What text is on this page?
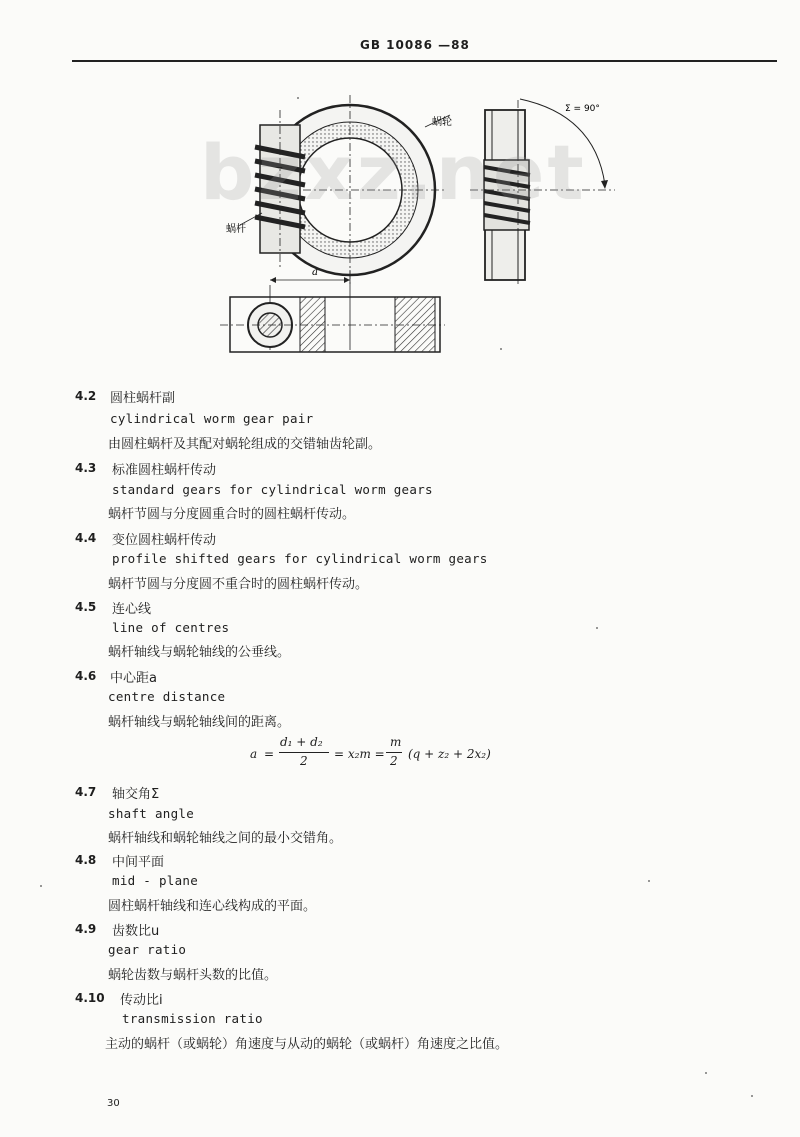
GB 10086 —88
蜗轮
蜗杆
Σ = 90°
a
bzxz.net
4.2 圆柱蜗杆副
cylindrical worm gear pair
由圆柱蜗杆及其配对蜗轮组成的交错轴齿轮副。
4.3 标准圆柱蜗杆传动
standard gears for cylindrical worm gears
蜗杆节圆与分度圆重合时的圆柱蜗杆传动。
4.4 变位圆柱蜗杆传动
profile shifted gears for cylindrical worm gears
蜗杆节圆与分度圆不重合时的圆柱蜗杆传动。
4.5 连心线
line of centres
蜗杆轴线与蜗轮轴线的公垂线。
4.6 中心距a
centre distance
蜗杆轴线与蜗轮轴线间的距离。
a =
d₁ + d₂
2 = x₂m =
m
2 (q + z₂ + 2x₂)
4.7 轴交角Σ
shaft angle
蜗杆轴线和蜗轮轴线之间的最小交错角。
4.8 中间平面
mid - plane
圆柱蜗杆轴线和连心线构成的平面。
4.9 齿数比u
gear ratio
蜗轮齿数与蜗杆头数的比值。
4.10 传动比i
transmission ratio
主动的蜗杆（或蜗轮）角速度与从动的蜗轮（或蜗杆）角速度之比值。
30
